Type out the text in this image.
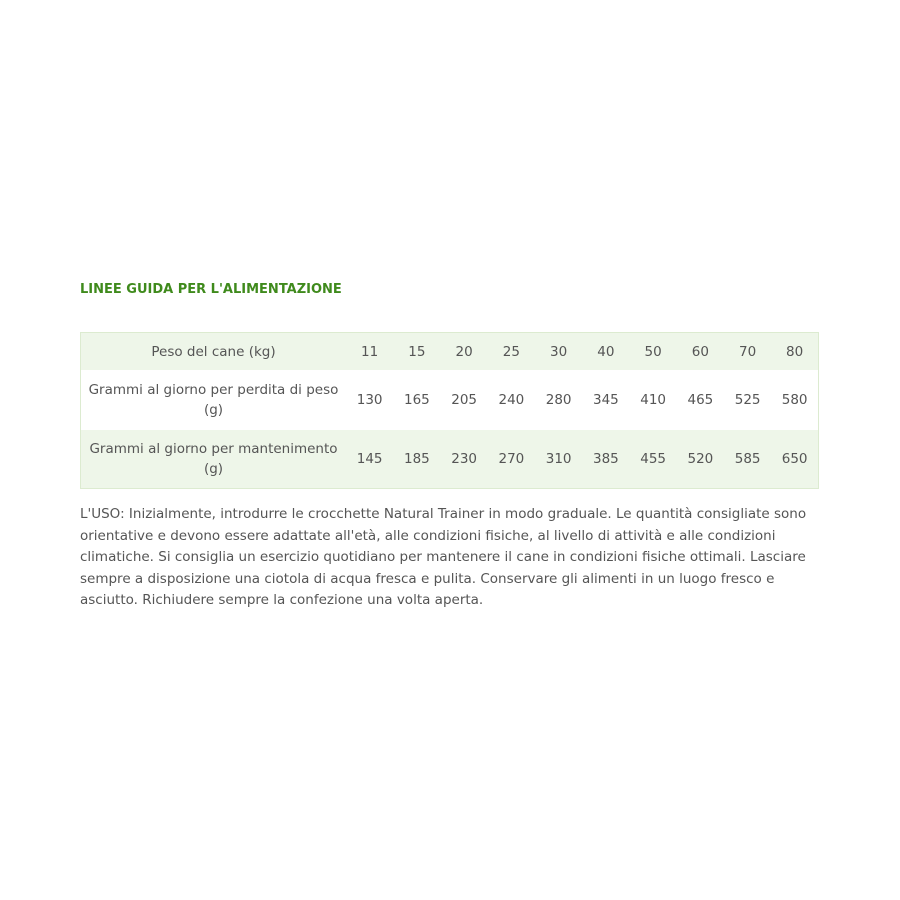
LINEE GUIDA PER L'ALIMENTAZIONE
Peso del cane (kg)	11	15	20	25	30	40	50	60	70	80
Grammi al giorno per perdita di peso (g)	130	165	205	240	280	345	410	465	525	580
Grammi al giorno per mantenimento (g)	145	185	230	270	310	385	455	520	585	650

L'USO: Inizialmente, introdurre le crocchette Natural Trainer in modo graduale. Le quantità consigliate sono orientative e devono essere adattate all'età, alle condizioni fisiche, al livello di attività e alle condizioni climatiche. Si consiglia un esercizio quotidiano per mantenere il cane in condizioni fisiche ottimali. Lasciare sempre a disposizione una ciotola di acqua fresca e pulita. Conservare gli alimenti in un luogo fresco e asciutto. Richiudere sempre la confezione una volta aperta.
